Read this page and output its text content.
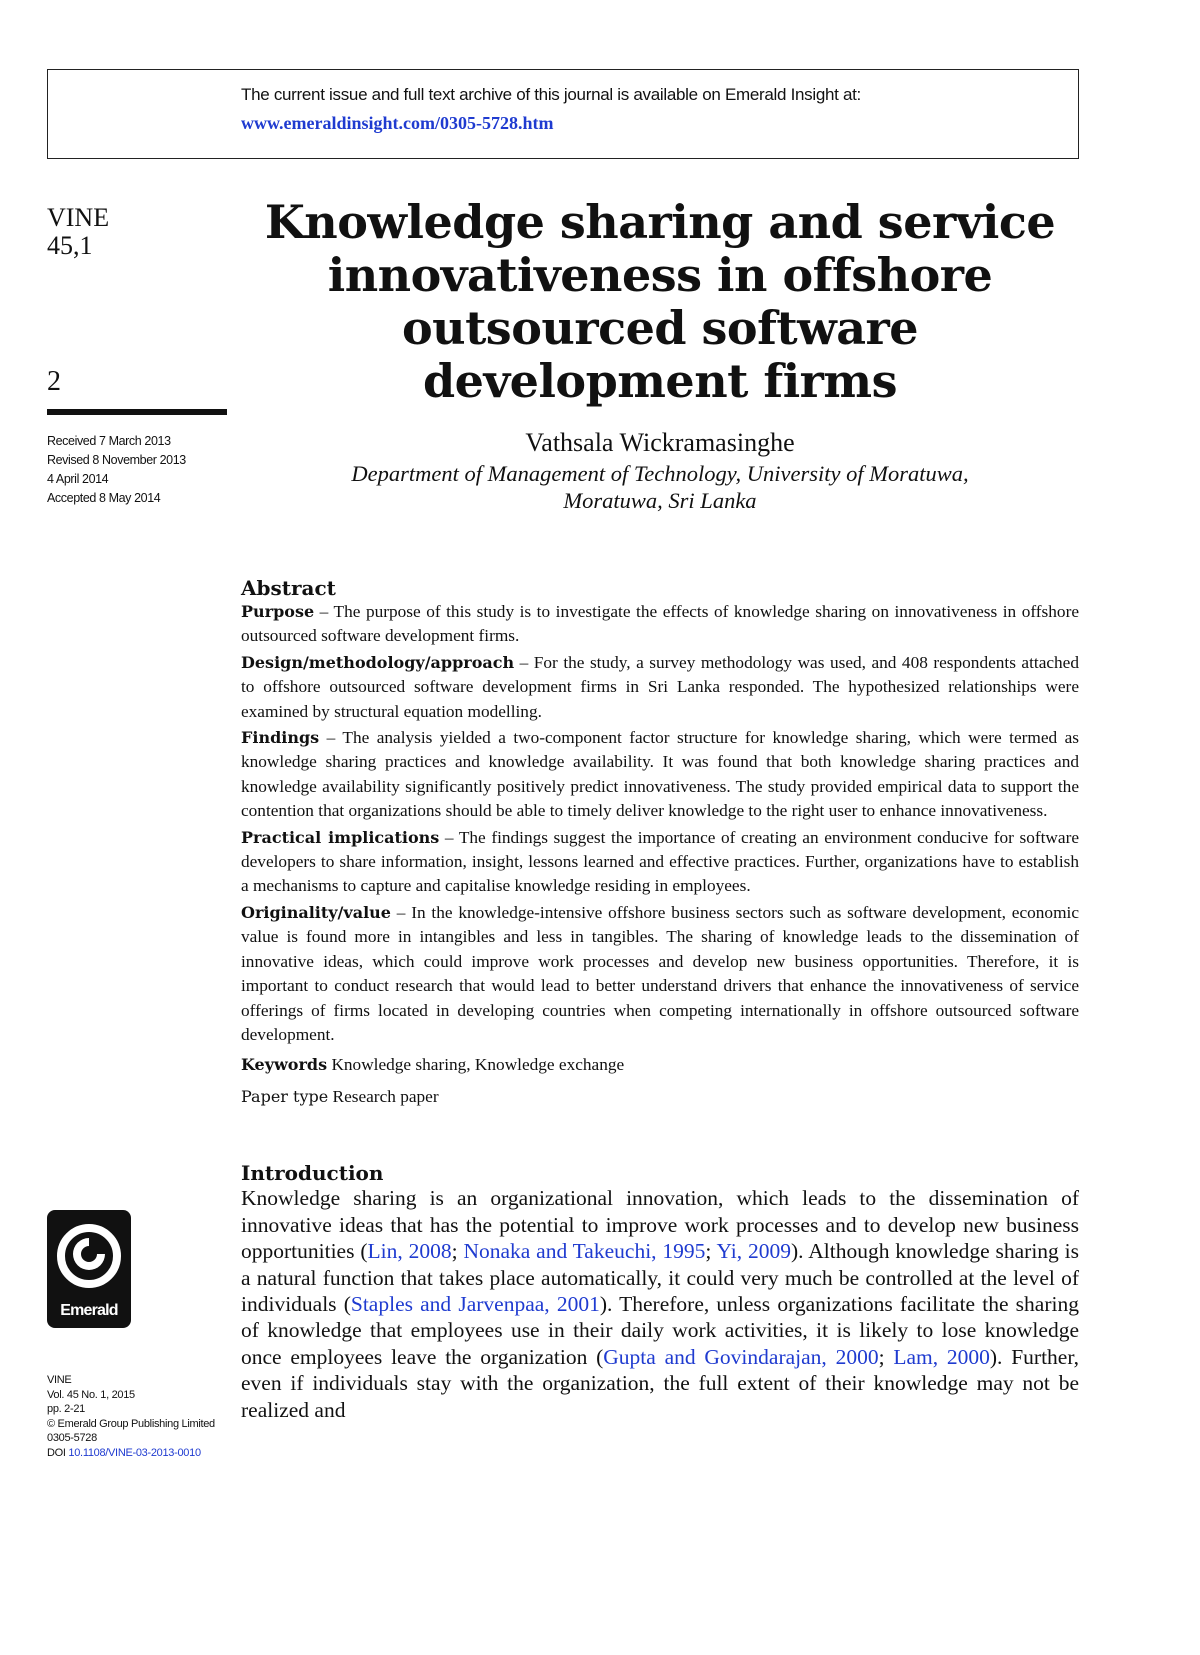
The current issue and full text archive of this journal is available on Emerald Insight at:
www.emeraldinsight.com/0305-5728.htm
VINE
45,1
2
Received 7 March 2013
Revised 8 November 2013
4 April 2014
Accepted 8 May 2014
Knowledge sharing and service
innovativeness in offshore
outsourced software
development firms
Vathsala Wickramasinghe
Department of Management of Technology, University of Moratuwa,
Moratuwa, Sri Lanka
Abstract

Purpose – The purpose of this study is to investigate the effects of knowledge sharing on innovativeness in offshore outsourced software development firms.

Design/methodology/approach – For the study, a survey methodology was used, and 408 respondents attached to offshore outsourced software development firms in Sri Lanka responded. The hypothesized relationships were examined by structural equation modelling.

Findings – The analysis yielded a two-component factor structure for knowledge sharing, which were termed as knowledge sharing practices and knowledge availability. It was found that both knowledge sharing practices and knowledge availability significantly positively predict innovativeness. The study provided empirical data to support the contention that organizations should be able to timely deliver knowledge to the right user to enhance innovativeness.

Practical implications – The findings suggest the importance of creating an environment conducive for software developers to share information, insight, lessons learned and effective practices. Further, organizations have to establish a mechanisms to capture and capitalise knowledge residing in employees.

Originality/value – In the knowledge-intensive offshore business sectors such as software development, economic value is found more in intangibles and less in tangibles. The sharing of knowledge leads to the dissemination of innovative ideas, which could improve work processes and develop new business opportunities. Therefore, it is important to conduct research that would lead to better understand drivers that enhance the innovativeness of service offerings of firms located in developing countries when competing internationally in offshore outsourced software development.

Keywords Knowledge sharing, Knowledge exchange
Paper type Research paper
Introduction

Knowledge sharing is an organizational innovation, which leads to the dissemination of innovative ideas that has the potential to improve work processes and to develop new business opportunities (Lin, 2008; Nonaka and Takeuchi, 1995; Yi, 2009). Although knowledge sharing is a natural function that takes place automatically, it could very much be controlled at the level of individuals (Staples and Jarvenpaa, 2001). Therefore, unless organizations facilitate the sharing of knowledge that employees use in their daily work activities, it is likely to lose knowledge once employees leave the organization (Gupta and Govindarajan, 2000; Lam, 2000). Further, even if individuals stay with the organization, the full extent of their knowledge may not be realized and

Emerald
VINE
Vol. 45 No. 1, 2015
pp. 2-21
© Emerald Group Publishing Limited
0305-5728
DOI 10.1108/VINE-03-2013-0010
